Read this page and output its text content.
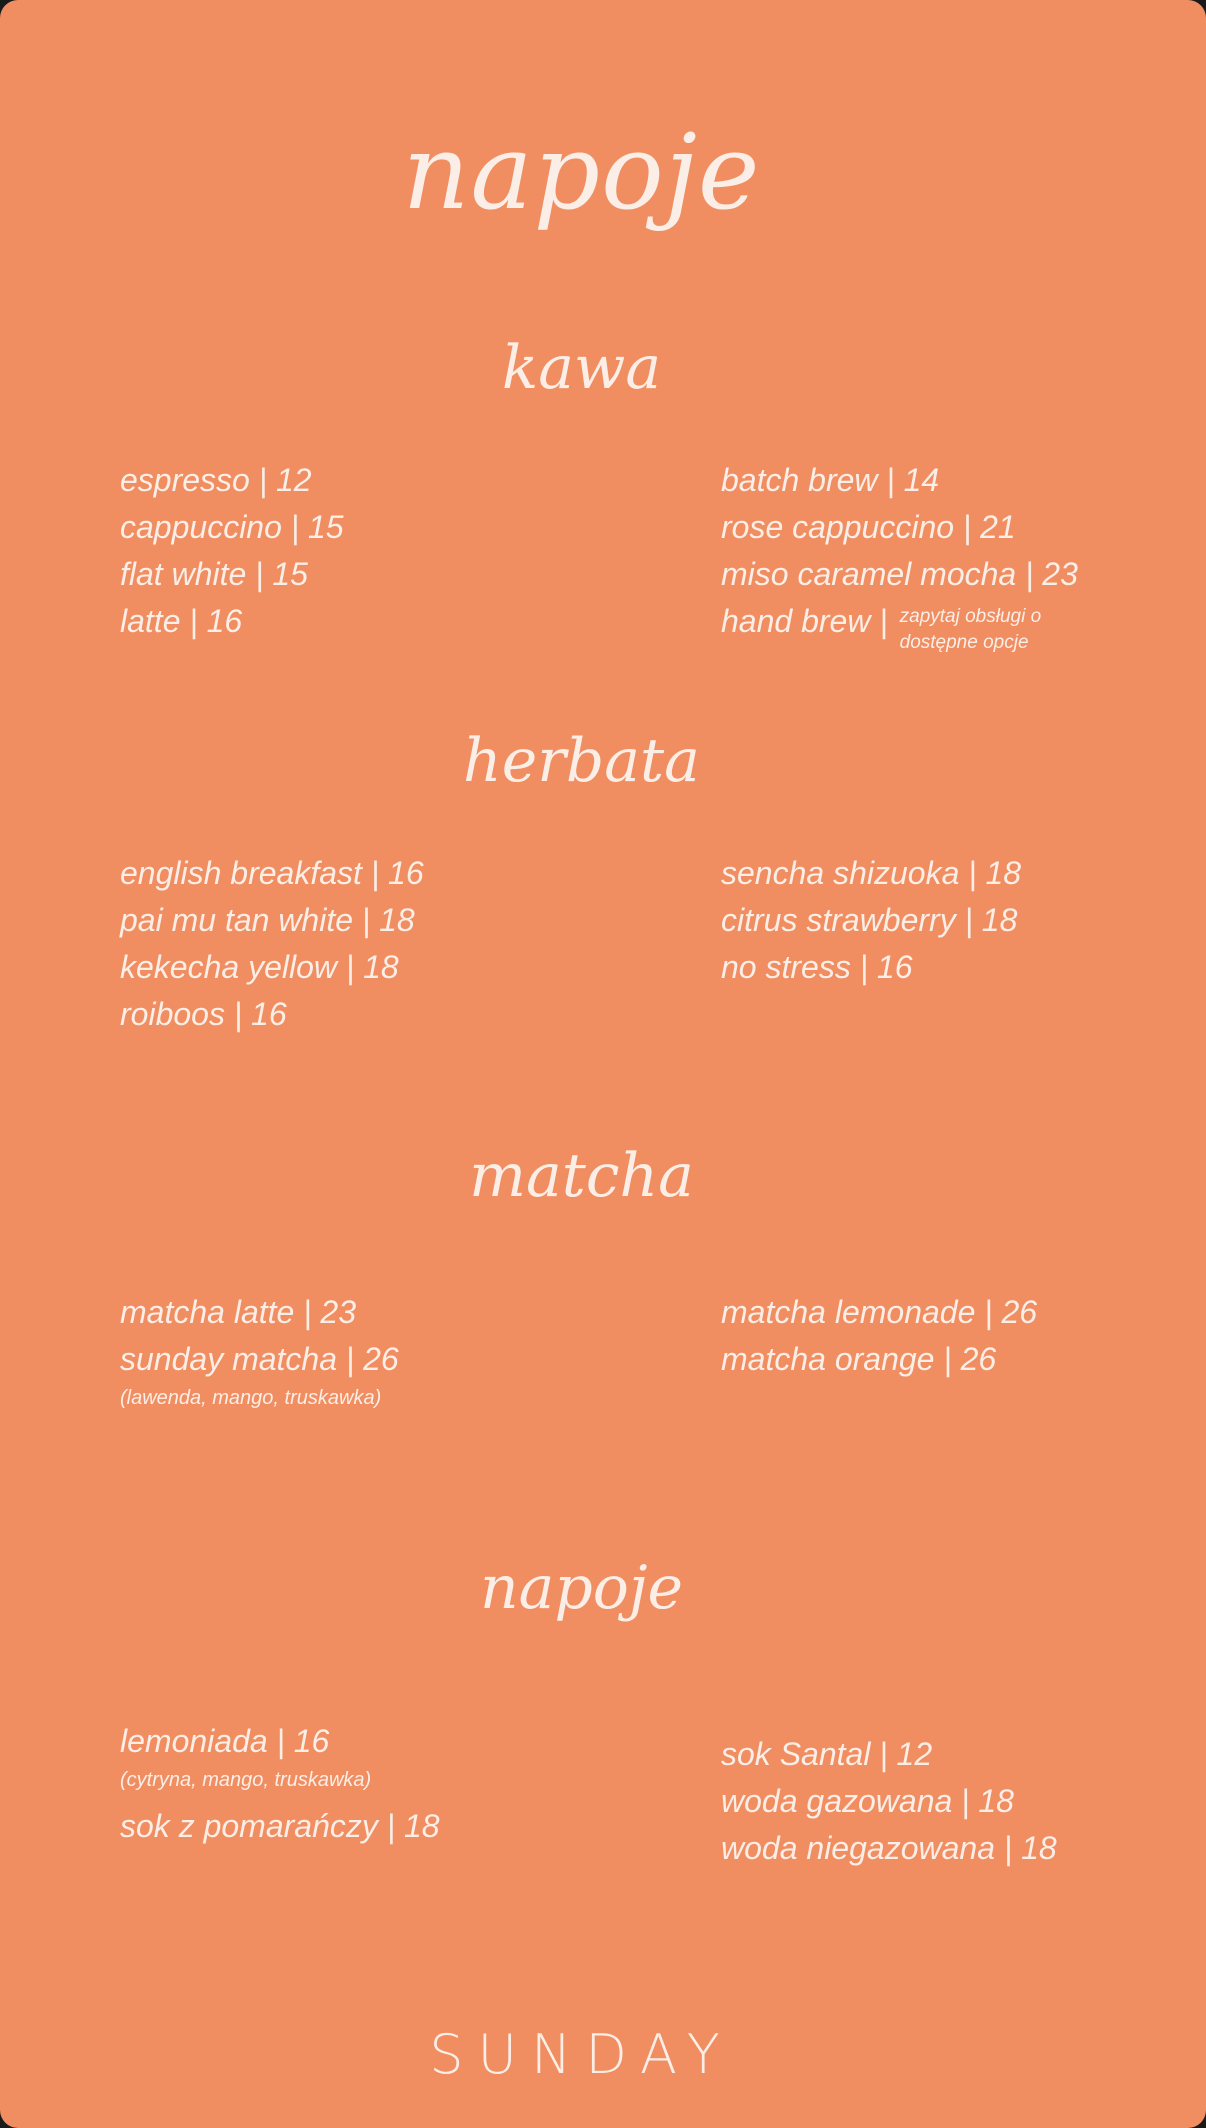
napoje
kawa
espresso | 12
cappuccino | 15
flat white | 15
latte | 16
batch brew | 14
rose cappuccino | 21
miso caramel mocha | 23
hand brew | zapytaj obsługi o dostępne opcje
herbata
english breakfast | 16
pai mu tan white | 18
kekecha yellow | 18
roiboos | 16
sencha shizuoka | 18
citrus strawberry | 18
no stress | 16
matcha
matcha latte | 23
sunday matcha | 26
(lawenda, mango, truskawka)
matcha lemonade | 26
matcha orange | 26
napoje
lemoniada | 16
(cytryna, mango, truskawka)
sok z pomarańczy | 18
sok Santal | 12
woda gazowana | 18
woda niegazowana | 18
SUNDAY
